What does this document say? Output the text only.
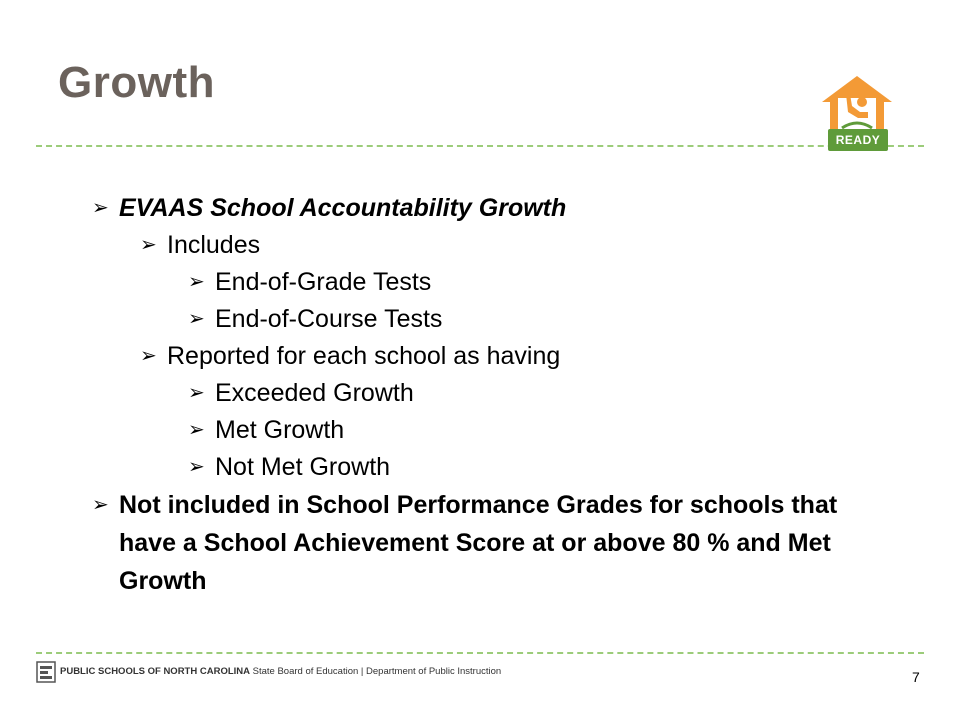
Growth
READY
➢ EVAAS School Accountability Growth
➢ Includes
➢ End-of-Grade Tests
➢ End-of-Course Tests
➢ Reported for each school as having
➢ Exceeded Growth
➢ Met Growth
➢ Not Met Growth
➢ Not included in School Performance Grades for schools that have a School Achievement Score at or above 80 % and Met Growth
PUBLIC SCHOOLS OF NORTH CAROLINA State Board of Education | Department of Public Instruction	7
